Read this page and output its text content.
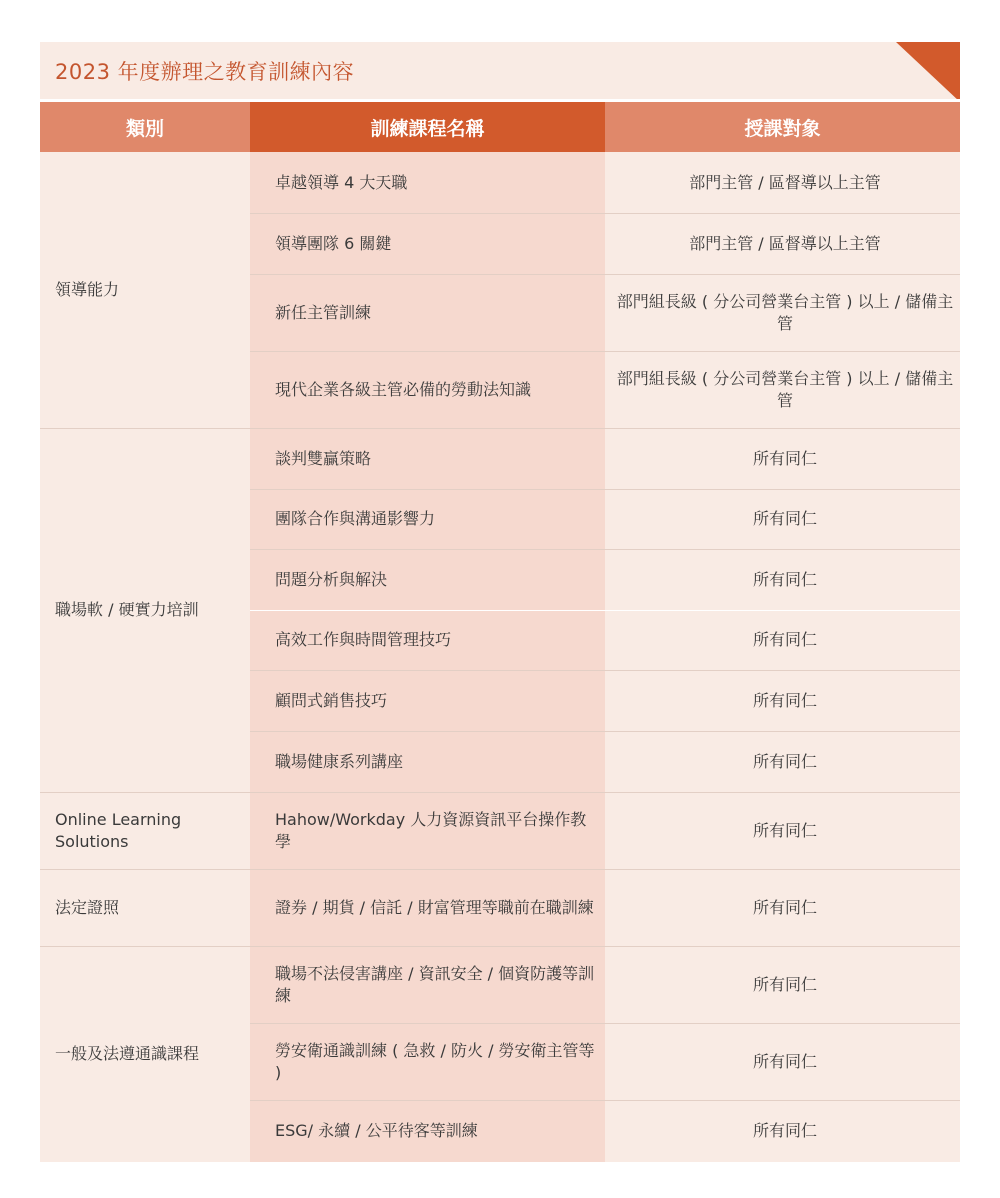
2023 年度辦理之教育訓練內容
類別	訓練課程名稱	授課對象
領導能力
職場軟 / 硬實力培訓
Online Learning Solutions
法定證照
一般及法遵通識課程
卓越領導 4 大天職
領導團隊 6 關鍵
新任主管訓練
現代企業各級主管必備的勞動法知識
談判雙贏策略
團隊合作與溝通影響力
問題分析與解決
高效工作與時間管理技巧
顧問式銷售技巧
職場健康系列講座
Hahow/Workday 人力資源資訊平台操作教學
證券 / 期貨 / 信託 / 財富管理等職前在職訓練
職場不法侵害講座 / 資訊安全 / 個資防護等訓練
勞安衛通識訓練 ( 急救 / 防火 / 勞安衛主管等 )
ESG/ 永續 / 公平待客等訓練
部門主管 / 區督導以上主管
部門主管 / 區督導以上主管
部門組長級 ( 分公司營業台主管 ) 以上 / 儲備主管
部門組長級 ( 分公司營業台主管 ) 以上 / 儲備主管
所有同仁
所有同仁
所有同仁
所有同仁
所有同仁
所有同仁
所有同仁
所有同仁
所有同仁
所有同仁
所有同仁
